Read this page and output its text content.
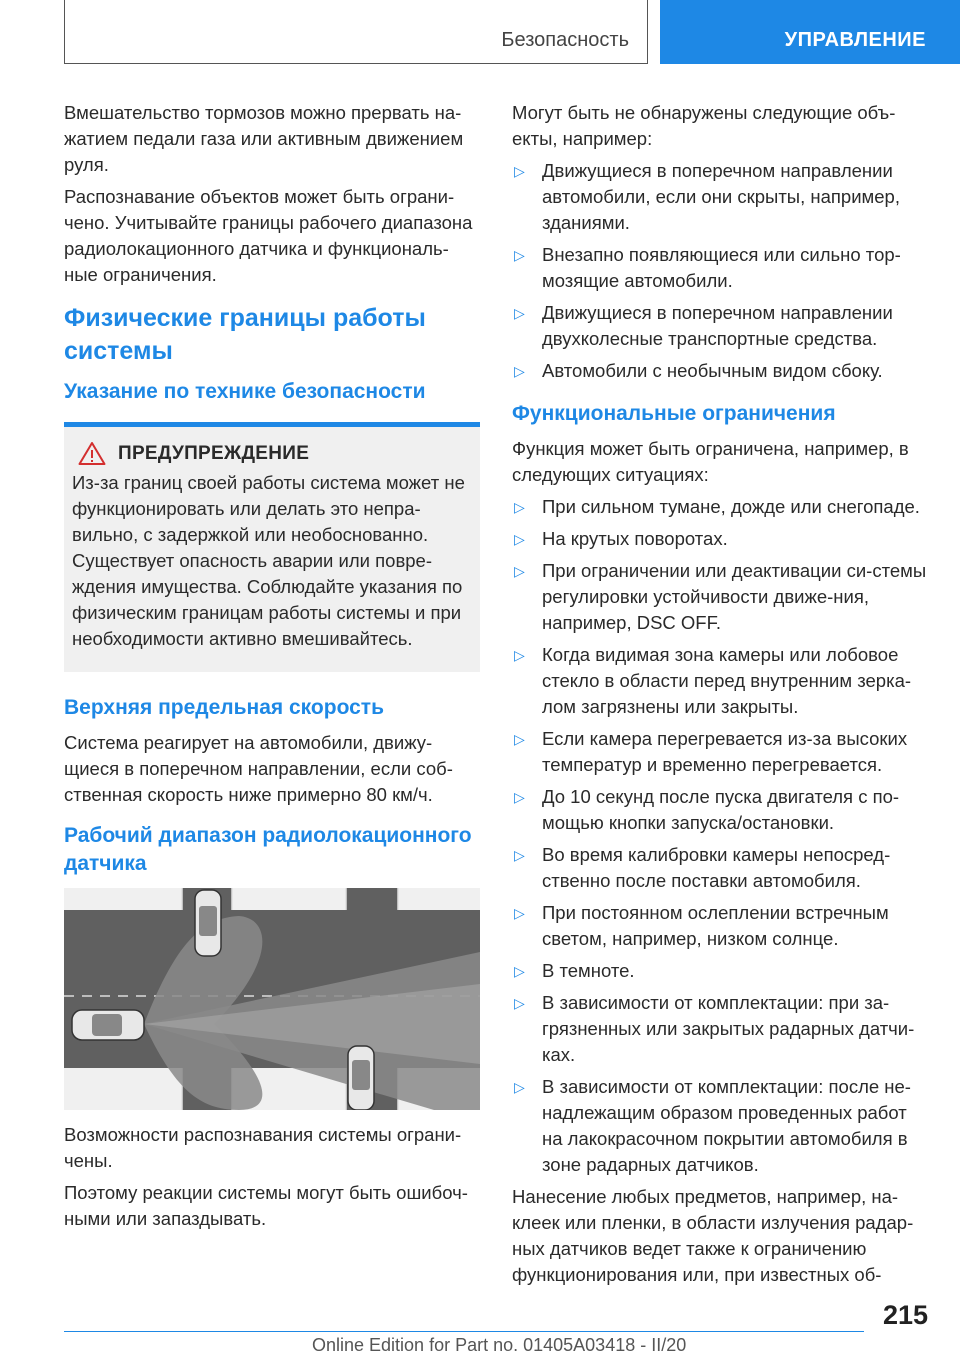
Безопасность	УПРАВЛЕНИЕ

Вмешательство тормозов можно прервать на-жатием педали газа или активным движением руля.

Распознавание объектов может быть ограни-чено. Учитывайте границы рабочего диапазона радиолокационного датчика и функциональ-ные ограничения.

Физические границы работы системы
Указание по технике безопасности
ПРЕДУПРЕЖДЕНИЕ

Из-за границ своей работы система может не функционировать или делать это непра-вильно, с задержкой или необоснованно. Существует опасность аварии или повре-ждения имущества. Соблюдайте указания по физическим границам работы системы и при необходимости активно вмешивайтесь.

Верхняя предельная скорость

Система реагирует на автомобили, движу-щиеся в поперечном направлении, если соб-ственная скорость ниже примерно 80 км/ч.

Рабочий диапазон радиолокационного датчика

Возможности распознавания системы ограни-чены.

Поэтому реакции системы могут быть ошибоч-ными или запаздывать.

Могут быть не обнаружены следующие объ-екты, например:

▷ Движущиеся в поперечном направлении автомобили, если они скрыты, например, зданиями.
▷ Внезапно появляющиеся или сильно тор-мозящие автомобили.
▷ Движущиеся в поперечном направлении двухколесные транспортные средства.
▷ Автомобили с необычным видом сбоку.
Функциональные ограничения

Функция может быть ограничена, например, в следующих ситуациях:

▷ При сильном тумане, дожде или снегопаде.
▷ На крутых поворотах.
▷ При ограничении или деактивации си-стемы регулировки устойчивости движе-ния, например, DSC OFF.
▷ Когда видимая зона камеры или лобовое стекло в области перед внутренним зерка-лом загрязнены или закрыты.
▷ Если камера перегревается из-за высоких температур и временно перегревается.
▷ До 10 секунд после пуска двигателя с по-мощью кнопки запуска/остановки.
▷ Во время калибровки камеры непосред-ственно после поставки автомобиля.
▷ При постоянном ослеплении встречным светом, например, низком солнце.
▷ В темноте.
▷ В зависимости от комплектации: при за-грязненных или закрытых радарных датчи-ках.
▷ В зависимости от комплектации: после не-надлежащим образом проведенных работ на лакокрасочном покрытии автомобиля в зоне радарных датчиков.

Нанесение любых предметов, например, на-клеек или пленки, в области излучения радар-ных датчиков ведет также к ограничению функционирования или, при известных об-

215
Online Edition for Part no. 01405A03418 - II/20
